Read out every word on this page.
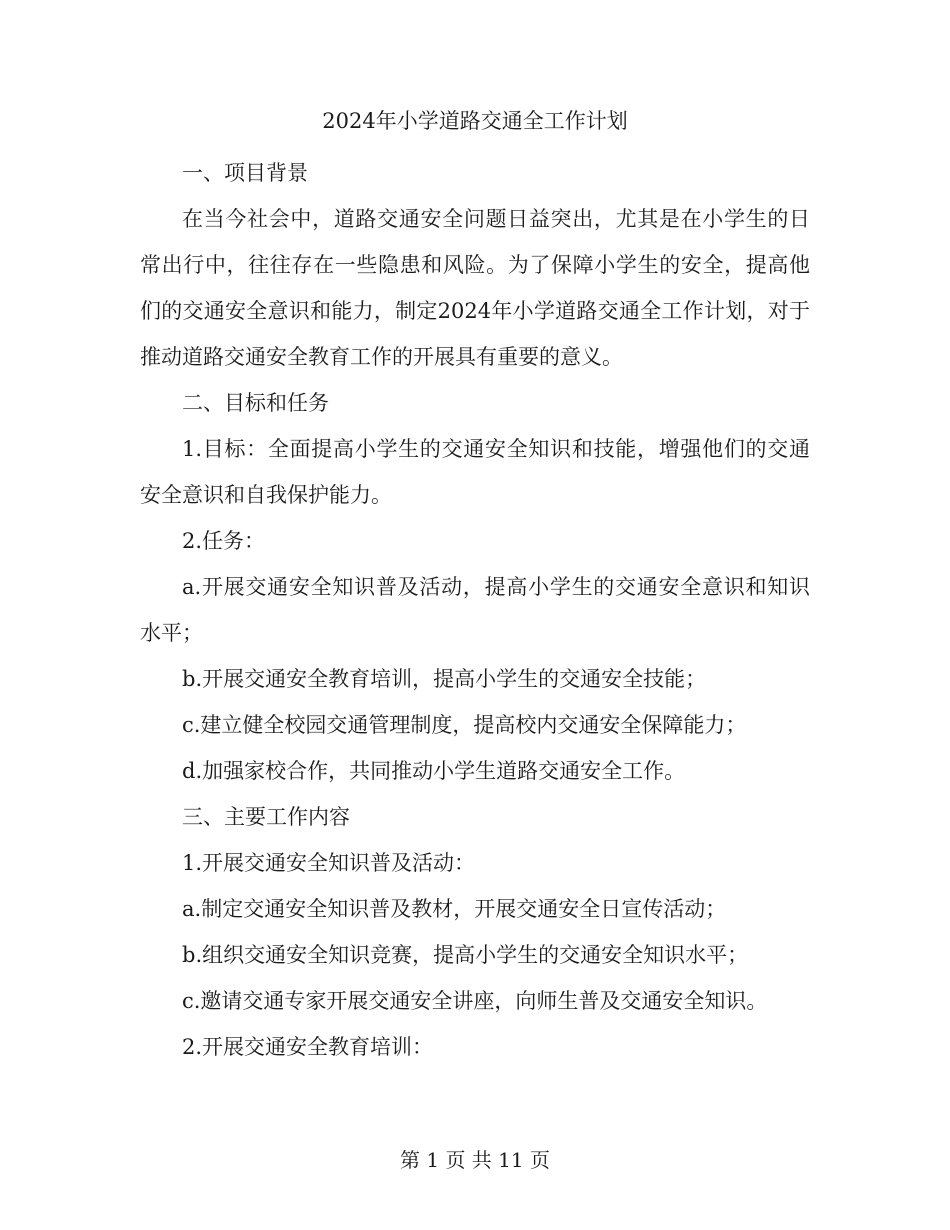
2024年小学道路交通全工作计划

一、项目背景

在当今社会中，道路交通安全问题日益突出，尤其是在小学生的日常出行中，往往存在一些隐患和风险。为了保障小学生的安全，提高他们的交通安全意识和能力，制定2024年小学道路交通全工作计划，对于推动道路交通安全教育工作的开展具有重要的意义。

二、目标和任务

1.目标：全面提高小学生的交通安全知识和技能，增强他们的交通安全意识和自我保护能力。

2.任务：

a.开展交通安全知识普及活动，提高小学生的交通安全意识和知识水平；

b.开展交通安全教育培训，提高小学生的交通安全技能；

c.建立健全校园交通管理制度，提高校内交通安全保障能力；

d.加强家校合作，共同推动小学生道路交通安全工作。

三、主要工作内容

1.开展交通安全知识普及活动：

a.制定交通安全知识普及教材，开展交通安全日宣传活动；

b.组织交通安全知识竞赛，提高小学生的交通安全知识水平；

c.邀请交通专家开展交通安全讲座，向师生普及交通安全知识。

2.开展交通安全教育培训：

第 1 页 共 11 页
